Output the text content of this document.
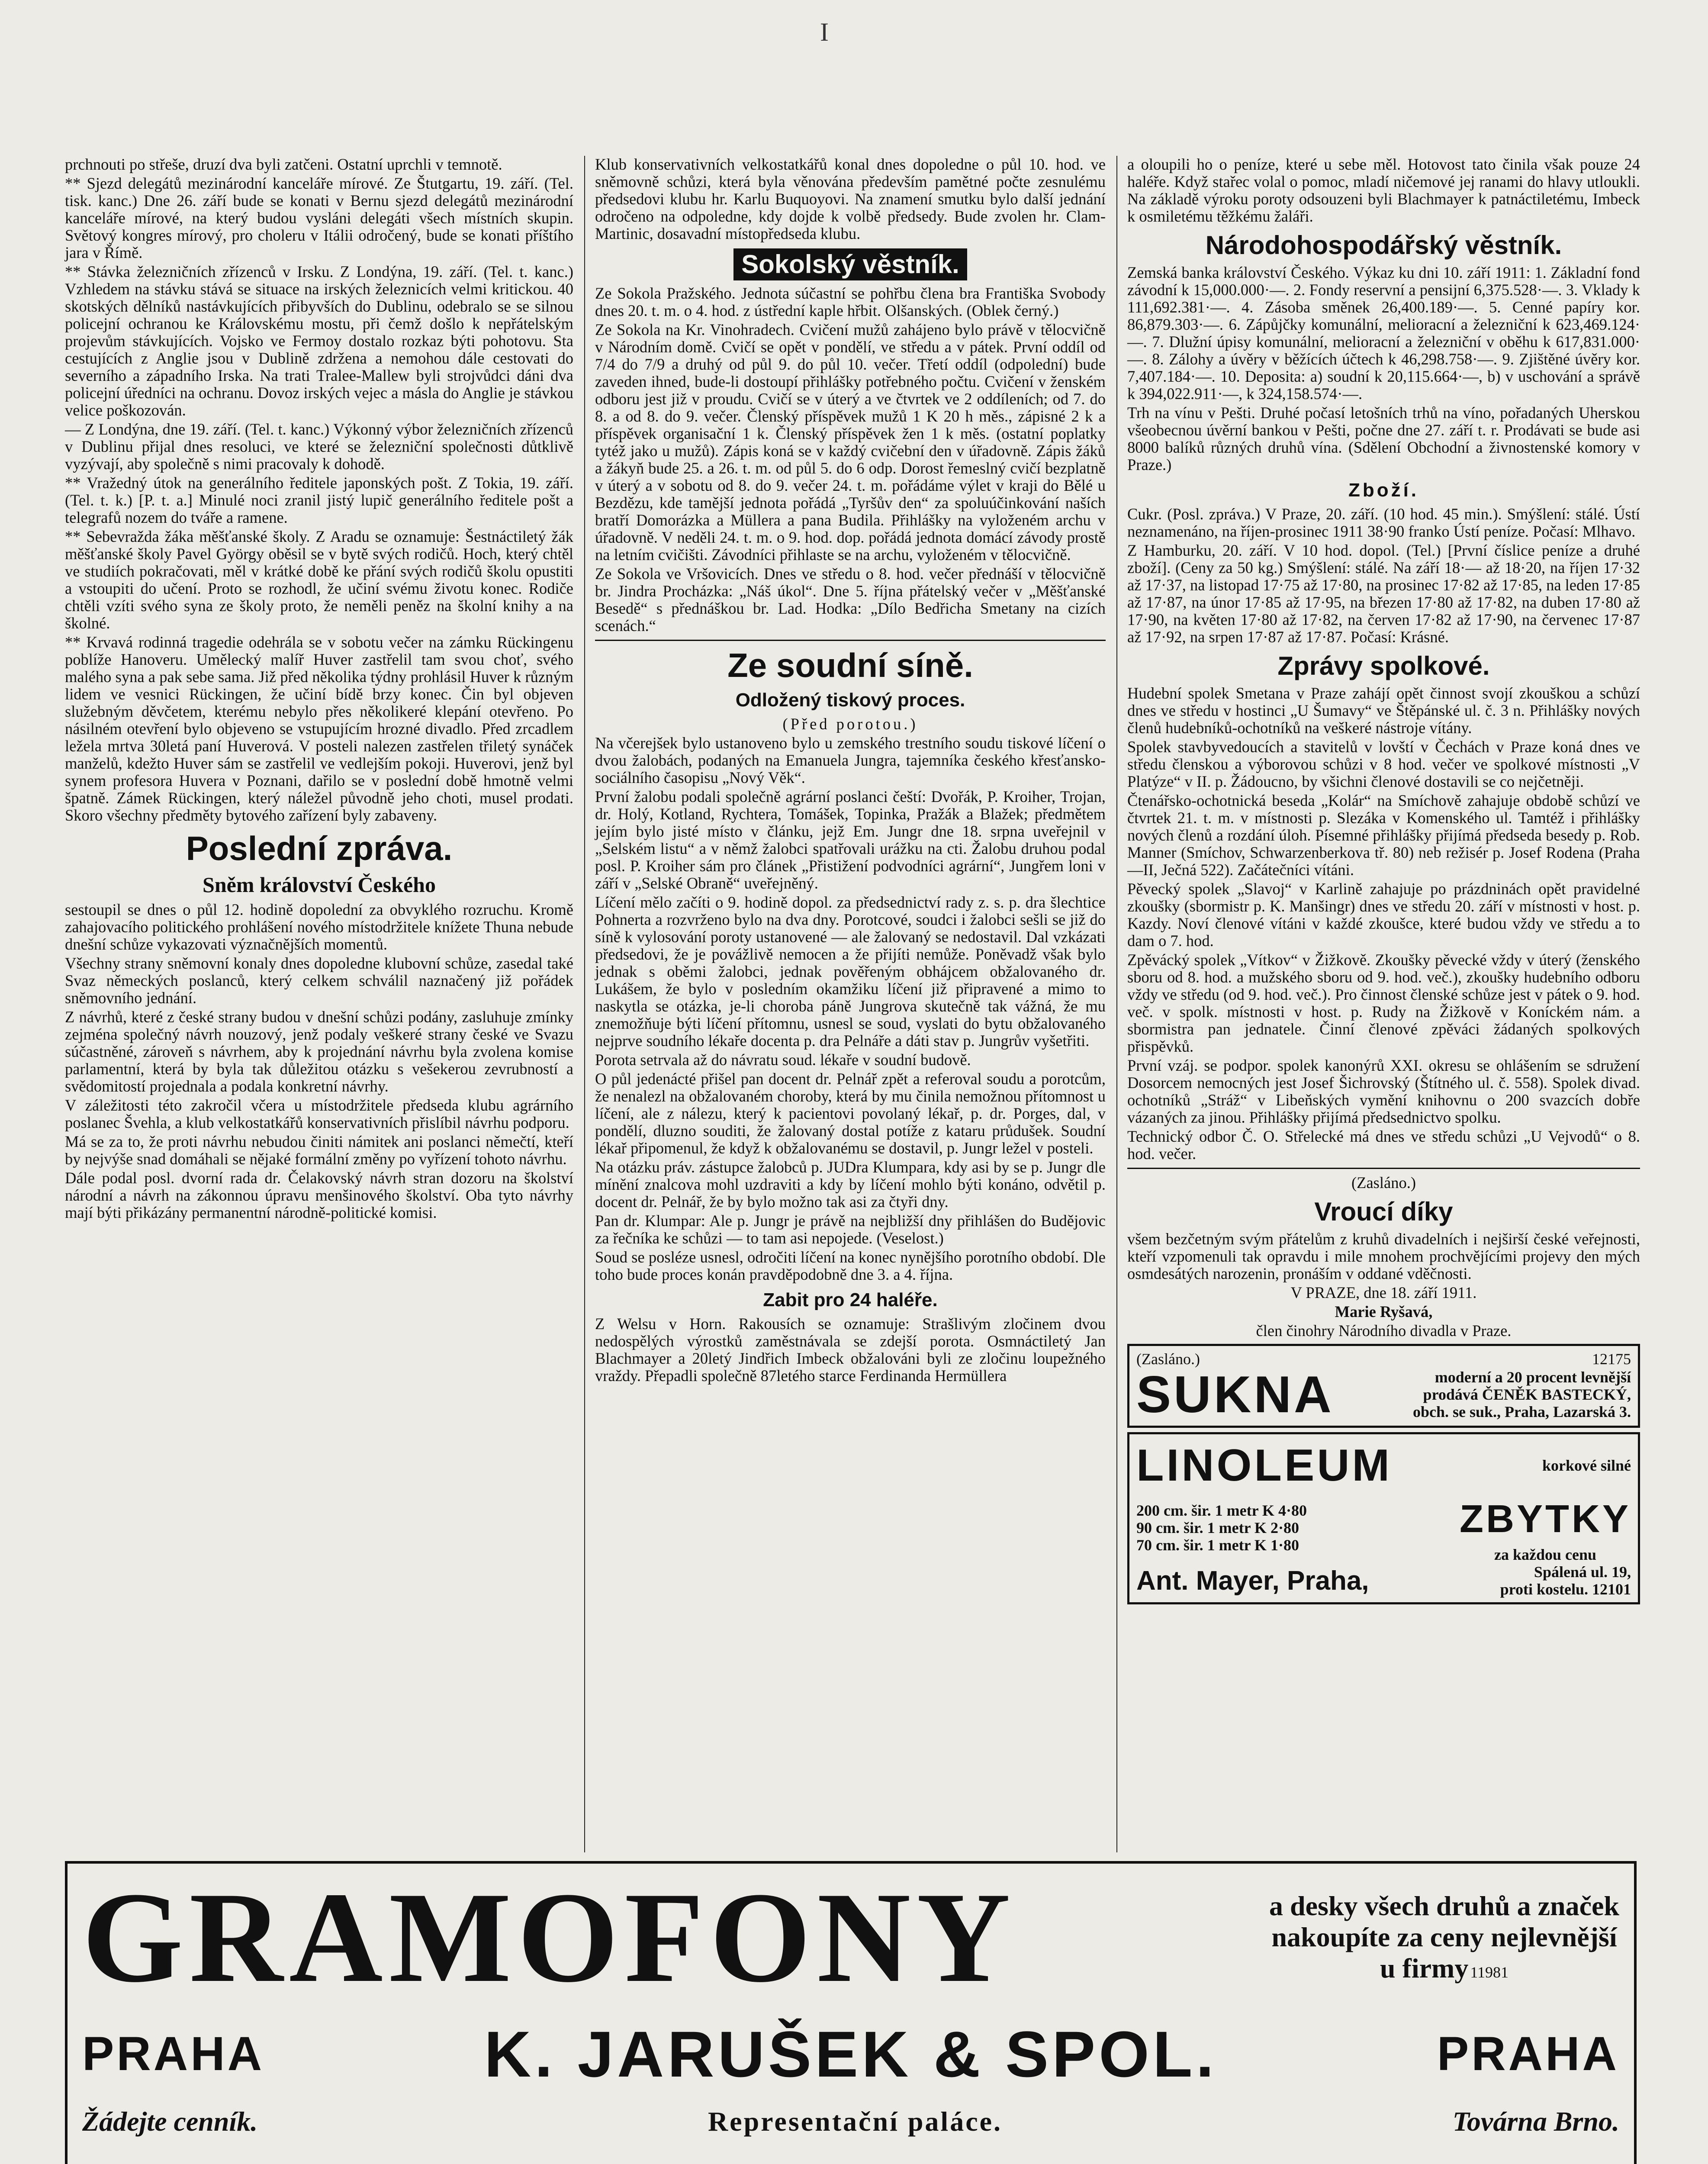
I

prchnouti po střeše, druzí dva byli zatčeni. Ostatní uprchli v temnotě.

** Sjezd delegátů mezinárodní kanceláře mírové. Ze Štutgartu, 19. září. (Tel. tisk. kanc.) Dne 26. září bude se konati v Bernu sjezd delegátů mezinárodní kanceláře mírové, na který budou vysláni delegáti všech místních skupin. Světový kongres mírový, pro choleru v Itálii odročený, bude se konati příštího jara v Římě.

** Stávka železničních zřízenců v Irsku. Z Londýna, 19. září. (Tel. t. kanc.) Vzhledem na stávku stává se situace na irských železnicích velmi kritickou. 40 skotských dělníků nastávkujících přibyvších do Dublinu, odebralo se se silnou policejní ochranou ke Královskému mostu, při čemž došlo k nepřátelským projevům stávkujících. Vojsko ve Fermoy dostalo rozkaz býti pohotovu. Sta cestujících z Anglie jsou v Dublině zdržena a nemohou dále cestovati do severního a západního Irska. Na trati Tralee-Mallew byli strojvůdci dáni dva policejní úředníci na ochranu. Dovoz irských vejec a másla do Anglie je stávkou velice poškozován.

— Z Londýna, dne 19. září. (Tel. t. kanc.) Výkonný výbor železničních zřízenců v Dublinu přijal dnes resoluci, ve které se železniční společnosti důtklivě vyzývají, aby společně s nimi pracovaly k dohodě.

** Vražedný útok na generálního ředitele japonských pošt. Z Tokia, 19. září. (Tel. t. k.) [P. t. a.] Minulé noci zranil jistý lupič generálního ředitele pošt a telegrafů nozem do tváře a ramene.

** Sebevražda žáka měšťanské školy. Z Aradu se oznamuje: Šestnáctiletý žák měšťanské školy Pavel György oběsil se v bytě svých rodičů. Hoch, který chtěl ve studiích pokračovati, měl v krátké době ke přání svých rodičů školu opustiti a vstoupiti do učení. Proto se rozhodl, že učiní svému životu konec. Rodiče chtěli vzíti svého syna ze školy proto, že neměli peněz na školní knihy a na školné.

** Krvavá rodinná tragedie odehrála se v sobotu večer na zámku Rückingenu poblíže Hanoveru. Umělecký malíř Huver zastřelil tam svou choť, svého malého syna a pak sebe sama. Již před několika týdny prohlásil Huver k různým lidem ve vesnici Rückingen, že učiní bídě brzy konec. Čin byl objeven služebným děvčetem, kterému nebylo přes několikeré klepání otevřeno. Po násilném otevření bylo objeveno se vstupujícím hrozné divadlo. Před zrcadlem ležela mrtva 30letá paní Huverová. V posteli nalezen zastřelen třiletý synáček manželů, kdežto Huver sám se zastřelil ve vedlejším pokoji. Huverovi, jenž byl synem profesora Huvera v Poznani, dařilo se v poslední době hmotně velmi špatně. Zámek Rückingen, který náležel původně jeho choti, musel prodati. Skoro všechny předměty bytového zařízení byly zabaveny.

Poslední zpráva.
Sněm království Českého

sestoupil se dnes o půl 12. hodině dopolední za obvyklého rozruchu. Kromě zahajovacího politického prohlášení nového místodržitele knížete Thuna nebude dnešní schůze vykazovati význačnějších momentů.

Všechny strany sněmovní konaly dnes dopoledne klubovní schůze, zasedal také Svaz německých poslanců, který celkem schválil naznačený již pořádek sněmovního jednání.

Z návrhů, které z české strany budou v dnešní schůzi podány, zasluhuje zmínky zejména společný návrh nouzový, jenž podaly veškeré strany české ve Svazu súčastněné, zároveň s návrhem, aby k projednání návrhu byla zvolena komise parlamentní, která by byla tak důležitou otázku s vešekerou zevrubností a svědomitostí projednala a podala konkretní návrhy.

V záležitosti této zakročil včera u místodržitele předseda klubu agrárního poslanec Švehla, a klub velkostatkářů konservativních přislíbil návrhu podporu.

Má se za to, že proti návrhu nebudou činiti námitek ani poslanci němečtí, kteří by nejvýše snad domáhali se nějaké formální změny po vyřízení tohoto návrhu.

Dále podal posl. dvorní rada dr. Čelakovský návrh stran dozoru na školství národní a návrh na zákonnou úpravu menšinového školství. Oba tyto návrhy mají býti přikázány permanentní národně-politické komisi.

Klub konservativních velkostatkářů konal dnes dopoledne o půl 10. hod. ve sněmovně schůzi, která byla věnována především pamětné počte zesnulému předsedovi klubu hr. Karlu Buquoyovi. Na znamení smutku bylo další jednání odročeno na odpoledne, kdy dojde k volbě předsedy. Bude zvolen hr. Clam-Martinic, dosavadní místopředseda klubu.

Sokolský věstník.

Ze Sokola Pražského. Jednota súčastní se pohřbu člena bra Františka Svobody dnes 20. t. m. o 4. hod. z ústřední kaple hřbit. Olšanských. (Oblek černý.)

Ze Sokola na Kr. Vinohradech. Cvičení mužů zahájeno bylo právě v tělocvičně v Národním domě. Cvičí se opět v pondělí, ve středu a v pátek. První oddíl od 7/4 do 7/9 a druhý od půl 9. do půl 10. večer. Třetí oddíl (odpolední) bude zaveden ihned, bude-li dostoupí přihlášky potřebného počtu. Cvičení v ženském odboru jest již v proudu. Cvičí se v úterý a ve čtvrtek ve 2 oddíleních; od 7. do 8. a od 8. do 9. večer. Členský příspěvek mužů 1 K 20 h měs., zápisné 2 k a příspěvek organisační 1 k. Členský příspěvek žen 1 k měs. (ostatní poplatky tytéž jako u mužů). Zápis koná se v každý cvičební den v úřadovně. Zápis žáků a žákyň bude 25. a 26. t. m. od půl 5. do 6 odp. Dorost řemeslný cvičí bezplatně v úterý a v sobotu od 8. do 9. večer 24. t. m. pořádáme výlet v kraji do Bělé u Bezdězu, kde tamější jednota pořádá „Tyršův den“ za spoluúčinkování naších bratří Domorázka a Müllera a pana Budila. Přihlášky na vyloženém archu v úřadovně. V neděli 24. t. m. o 9. hod. dop. pořádá jednota domácí závody prostě na letním cvičišti. Závodníci přihlaste se na archu, vyloženém v tělocvičně.

Ze Sokola ve Vršovicích. Dnes ve středu o 8. hod. večer přednáší v tělocvičně br. Jindra Procházka: „Náš úkol“. Dne 5. října přátelský večer v „Měšťanské Besedě“ s přednáškou br. Lad. Hodka: „Dílo Bedřicha Smetany na cizích scenách.“

Ze soudní síně.
Odložený tiskový proces.

(Před porotou.)

Na včerejšek bylo ustanoveno bylo u zemského trestního soudu tiskové líčení o dvou žalobách, podaných na Emanuela Jungra, tajemníka českého křesťansko-sociálního časopisu „Nový Věk“.

První žalobu podali společně agrární poslanci čeští: Dvořák, P. Kroiher, Trojan, dr. Holý, Kotland, Rychtera, Tomášek, Topinka, Pražák a Blažek; předmětem jejím bylo jisté místo v článku, jejž Em. Jungr dne 18. srpna uveřejnil v „Selském listu“ a v němž žalobci spatřovali urážku na cti. Žalobu druhou podal posl. P. Kroiher sám pro článek „Přistižení podvodníci agrární“, Jungřem loni v září v „Selské Obraně“ uveřejněný.

Líčení mělo začíti o 9. hodině dopol. za předsednictví rady z. s. p. dra šlechtice Pohnerta a rozvrženo bylo na dva dny. Porotcové, soudci i žalobci sešli se již do síně k vylosování poroty ustanovené — ale žalovaný se nedostavil. Dal vzkázati předsedovi, že je povážlivě nemocen a že přijíti nemůže. Poněvadž však bylo jednak s oběmi žalobci, jednak pověřeným obhájcem obžalovaného dr. Lukášem, že bylo v posledním okamžiku líčení již připravené a mimo to naskytla se otázka, je-li choroba páně Jungrova skutečně tak vážná, že mu znemožňuje býti líčení přítomnu, usnesl se soud, vyslati do bytu obžalovaného nejprve soudního lékaře docenta p. dra Pelnáře a dáti stav p. Jungrův vyšetřiti.

Porota setrvala až do návratu soud. lékaře v soudní budově.

O půl jedenácté přišel pan docent dr. Pelnář zpět a referoval soudu a porotcům, že nenalezl na obžalovaném choroby, která by mu činila nemožnou přítomnost u líčení, ale z nálezu, který k pacientovi povolaný lékař, p. dr. Porges, dal, v pondělí, dluzno souditi, že žalovaný dostal potíže z kataru průdušek. Soudní lékař připomenul, že když k obžalovanému se dostavil, p. Jungr ležel v posteli.

Na otázku práv. zástupce žalobců p. JUDra Klumpara, kdy asi by se p. Jungr dle mínění znalcova mohl uzdraviti a kdy by líčení mohlo býti konáno, odvětil p. docent dr. Pelnář, že by bylo možno tak asi za čtyři dny.

Pan dr. Klumpar: Ale p. Jungr je právě na nejbližší dny přihlášen do Budějovic za řečníka ke schůzi — to tam asi nepojede. (Veselost.)

Soud se posléze usnesl, odročiti líčení na konec nynějšího porotního období. Dle toho bude proces konán pravděpodobně dne 3. a 4. října.

Zabit pro 24 haléře.

Z Welsu v Horn. Rakousích se oznamuje: Strašlivým zločinem dvou nedospělých výrostků zaměstnávala se zdejší porota. Osmnáctiletý Jan Blachmayer a 20letý Jindřich Imbeck obžalováni byli ze zločinu loupežného vraždy. Přepadli společně 87letého starce Ferdinanda Hermüllera

a oloupili ho o peníze, které u sebe měl. Hotovost tato činila však pouze 24 haléře. Když stařec volal o pomoc, mladí ničemové jej ranami do hlavy utloukli. Na základě výroku poroty odsouzeni byli Blachmayer k patnáctiletému, Imbeck k osmiletému těžkému žaláři.

Národohospodářský věstník.

Zemská banka království Českého. Výkaz ku dni 10. září 1911: 1. Základní fond závodní k 15,000.000·—. 2. Fondy reservní a pensijní 6,375.528·—. 3. Vklady k 111,692.381·—. 4. Zásoba směnek 26,400.189·—. 5. Cenné papíry kor. 86,879.303·—. 6. Zápůjčky komunální, melioracní a železniční k 623,469.124·—. 7. Dlužní úpisy komunální, melioracní a železniční v oběhu k 617,831.000·—. 8. Zálohy a úvěry v běžících účtech k 46,298.758·—. 9. Zjištěné úvěry kor. 7,407.184·—. 10. Deposita: a) soudní k 20,115.664·—, b) v uschování a správě k 394,022.911·—, k 324,158.574·—.

Trh na vínu v Pešti. Druhé počasí letošních trhů na víno, pořadaných Uherskou všeobecnou úvěrní bankou v Pešti, počne dne 27. září t. r. Prodávati se bude asi 8000 balíků různých druhů vína. (Sdělení Obchodní a živnostenské komory v Praze.)

Zboží.

Cukr. (Posl. zpráva.) V Praze, 20. září. (10 hod. 45 min.). Smýšlení: stálé. Ústí neznamenáno, na říjen-prosinec 1911 38·90 franko Ústí peníze. Počasí: Mlhavo.

Z Hamburku, 20. září. V 10 hod. dopol. (Tel.) [První číslice peníze a druhé zboží]. (Ceny za 50 kg.) Smýšlení: stálé. Na září 18·— až 18·20, na říjen 17·32 až 17·37, na listopad 17·75 až 17·80, na prosinec 17·82 až 17·85, na leden 17·85 až 17·87, na únor 17·85 až 17·95, na březen 17·80 až 17·82, na duben 17·80 až 17·90, na květen 17·80 až 17·82, na červen 17·82 až 17·90, na červenec 17·87 až 17·92, na srpen 17·87 až 17·87. Počasí: Krásné.

Zprávy spolkové.

Hudební spolek Smetana v Praze zahájí opět činnost svojí zkouškou a schůzí dnes ve středu v hostinci „U Šumavy“ ve Štěpánské ul. č. 3 n. Přihlášky nových členů hudebníků-ochotníků na veškeré nástroje vítány.

Spolek stavbyvedoucích a stavitelů v lovští v Čechách v Praze koná dnes ve středu členskou a výborovou schůzi v 8 hod. večer ve spolkové místnosti „V Platýze“ v II. p. Žádoucno, by všichni členové dostavili se co nejčetněji.

Čtenářsko-ochotnická beseda „Kolár“ na Smíchově zahajuje obdobě schůzí ve čtvrtek 21. t. m. v místnosti p. Slezáka v Komenského ul. Tamtéž i přihlášky nových členů a rozdání úloh. Písemné přihlášky přijímá předseda besedy p. Rob. Manner (Smíchov, Schwarzenberkova tř. 80) neb režisér p. Josef Rodena (Praha—II, Ječná 522). Začátečníci vítáni.

Pěvecký spolek „Slavoj“ v Karlině zahajuje po prázdninách opět pravidelné zkoušky (sbormistr p. K. Manšingr) dnes ve středu 20. září v místnosti v host. p. Kazdy. Noví členové vítáni v každé zkoušce, které budou vždy ve středu a to dam o 7. hod.

Zpěvácký spolek „Vítkov“ v Žižkově. Zkoušky pěvecké vždy v úterý (ženského sboru od 8. hod. a mužského sboru od 9. hod. več.), zkoušky hudebního odboru vždy ve středu (od 9. hod. več.). Pro činnost členské schůze jest v pátek o 9. hod. več. v spolk. místnosti v host. p. Rudy na Žižkově v Koníckém nám. a sbormistra pan jednatele. Činní členové zpěváci žádaných spolkových přispěvků.

První vzáj. se podpor. spolek kanonýrů XXI. okresu se ohlášením se sdružení Dosorcem nemocných jest Josef Šichrovský (Štítného ul. č. 558). Spolek divad. ochotníků „Stráž“ v Libeňských vymění knihovnu o 200 svazcích dobře vázaných za jinou. Přihlášky přijímá předsednictvo spolku.

Technický odbor Č. O. Střelecké má dnes ve středu schůzi „U Vejvodů“ o 8. hod. večer.

(Zasláno.)

Vroucí díky

všem bezčetným svým přátelům z kruhů divadelních i nejširší české veřejnosti, kteří vzpomenuli tak opravdu i mile mnohem prochvějícími projevy den mých osmdesátých narozenin, pronáším v oddané vděčnosti.

V PRAZE, dne 18. září 1911.

Marie Ryšavá,

člen činohry Národního divadla v Praze.

(Zasláno.)	12175
SUKNA	moderní a 20 procent levnější
prodává ČENĚK BASTECKÝ,
obch. se suk., Praha, Lazarská 3.
LINOLEUM	korkové silné
200 cm. šir. 1 metr K 4·80
90 cm. šir. 1 metr K 2·80
70 cm. šir. 1 metr K 1·80
ZBYTKY
za každou cenu
Ant. Mayer, Praha,	Spálená ul. 19,
proti kostelu. 12101
GRAMOFONY	a desky všech druhů a značek
nakoupíte za ceny nejlevnější
u firmy 11981
PRAHA	K. JARUŠEK & SPOL.	PRAHA
Žádejte cenník.	Representační paláce.	Továrna Brno.
